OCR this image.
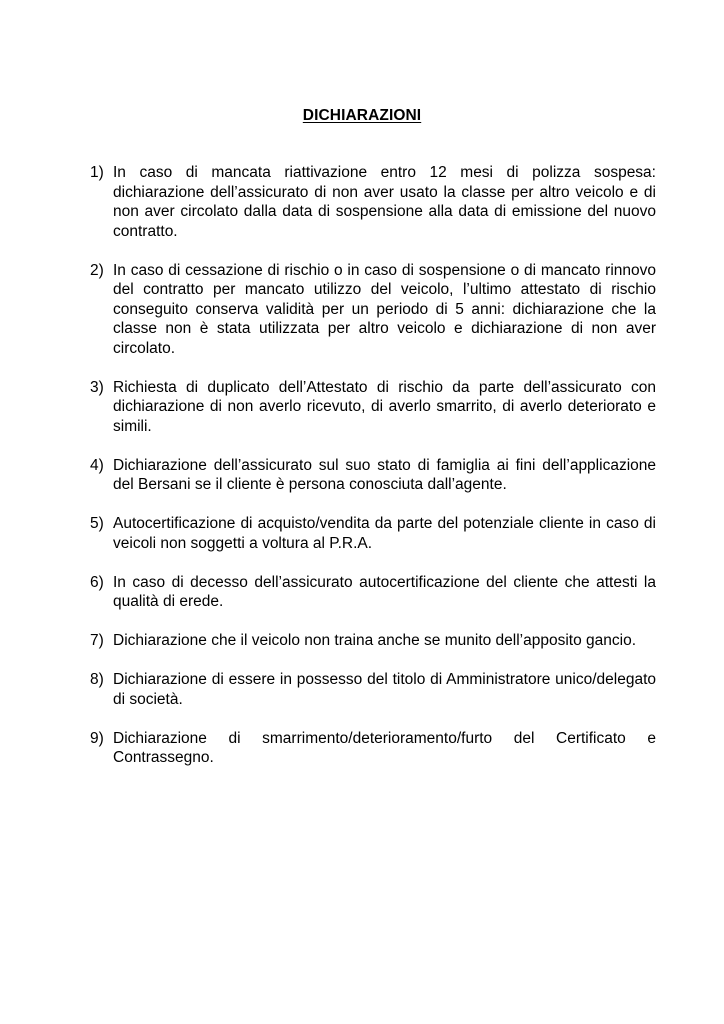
DICHIARAZIONI
1) In caso di mancata riattivazione entro 12 mesi di polizza sospesa: dichiarazione dell’assicurato di non aver usato la classe per altro veicolo e di non aver circolato dalla data di sospensione alla data di emissione del nuovo contratto.
2) In caso di cessazione di rischio o in caso di sospensione o di mancato rinnovo del contratto per mancato utilizzo del veicolo, l’ultimo attestato di rischio conseguito conserva validità per un periodo di 5 anni: dichiarazione che la classe non è stata utilizzata per altro veicolo e dichiarazione di non aver circolato.
3) Richiesta di duplicato dell’Attestato di rischio da parte dell’assicurato con dichiarazione di non averlo ricevuto, di averlo smarrito, di averlo deteriorato e simili.
4) Dichiarazione dell’assicurato sul suo stato di famiglia ai fini dell’applicazione del Bersani se il cliente è persona conosciuta dall’agente.
5) Autocertificazione di acquisto/vendita da parte del potenziale cliente in caso di veicoli non soggetti a voltura al P.R.A.
6) In caso di decesso dell’assicurato autocertificazione del cliente che attesti la qualità di erede.
7) Dichiarazione che il veicolo non traina anche se munito dell’apposito gancio.
8) Dichiarazione di essere in possesso del titolo di Amministratore unico/delegato di società.
9) Dichiarazione di smarrimento/deterioramento/furto del Certificato e Contrassegno.
